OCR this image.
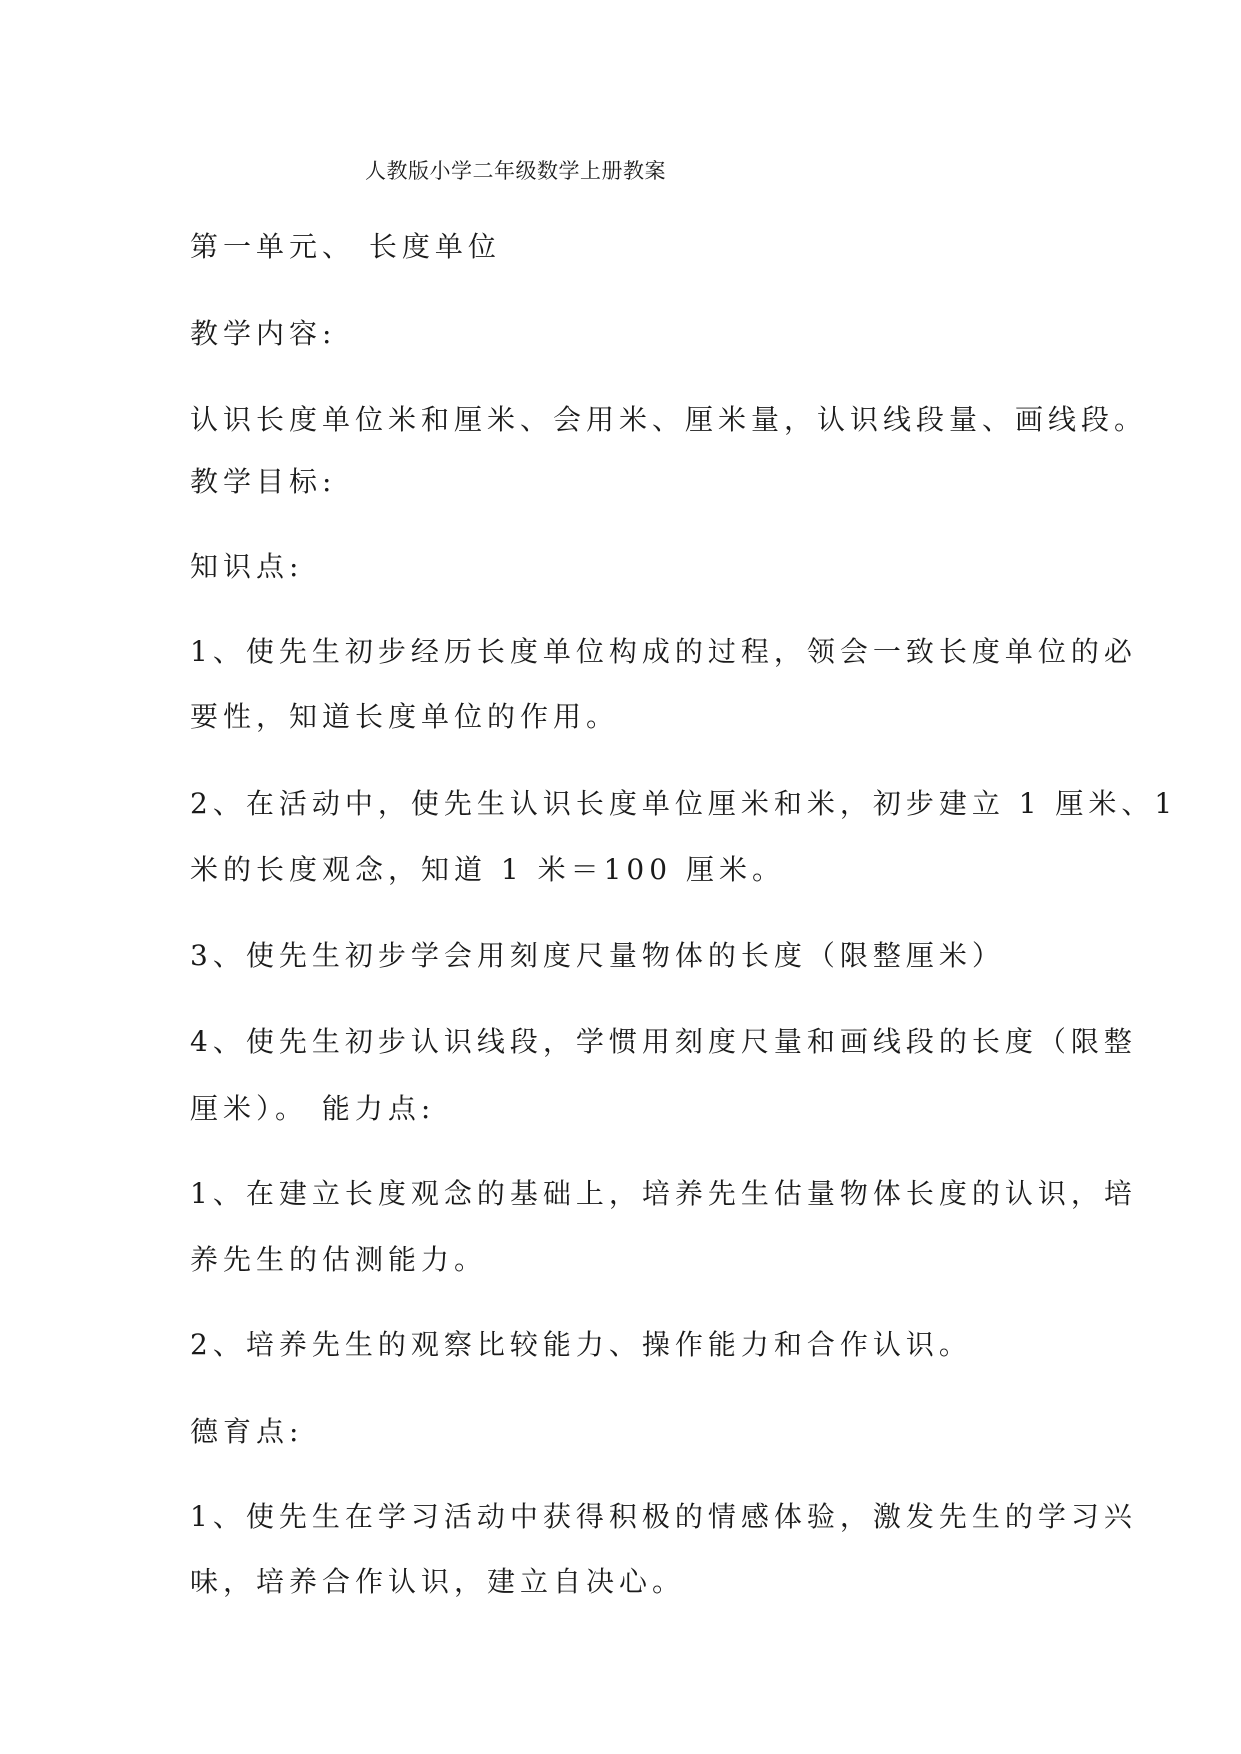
人教版小学二年级数学上册教案
第一单元、 长度单位
教学内容:
认识长度单位米和厘米、会用米、厘米量，认识线段量、画线段。
教学目标:
知识点:
1、使先生初步经历长度单位构成的过程，领会一致长度单位的必
要性，知道长度单位的作用。
2、在活动中，使先生认识长度单位厘米和米，初步建立 1 厘米、1
米的长度观念，知道 1 米＝100 厘米。
3、使先生初步学会用刻度尺量物体的长度（限整厘米）
4、使先生初步认识线段，学惯用刻度尺量和画线段的长度（限整
厘米）。 能力点:
1、在建立长度观念的基础上，培养先生估量物体长度的认识，培
养先生的估测能力。
2、培养先生的观察比较能力、操作能力和合作认识。
德育点:
1、使先生在学习活动中获得积极的情感体验，激发先生的学习兴
味，培养合作认识，建立自决心。
